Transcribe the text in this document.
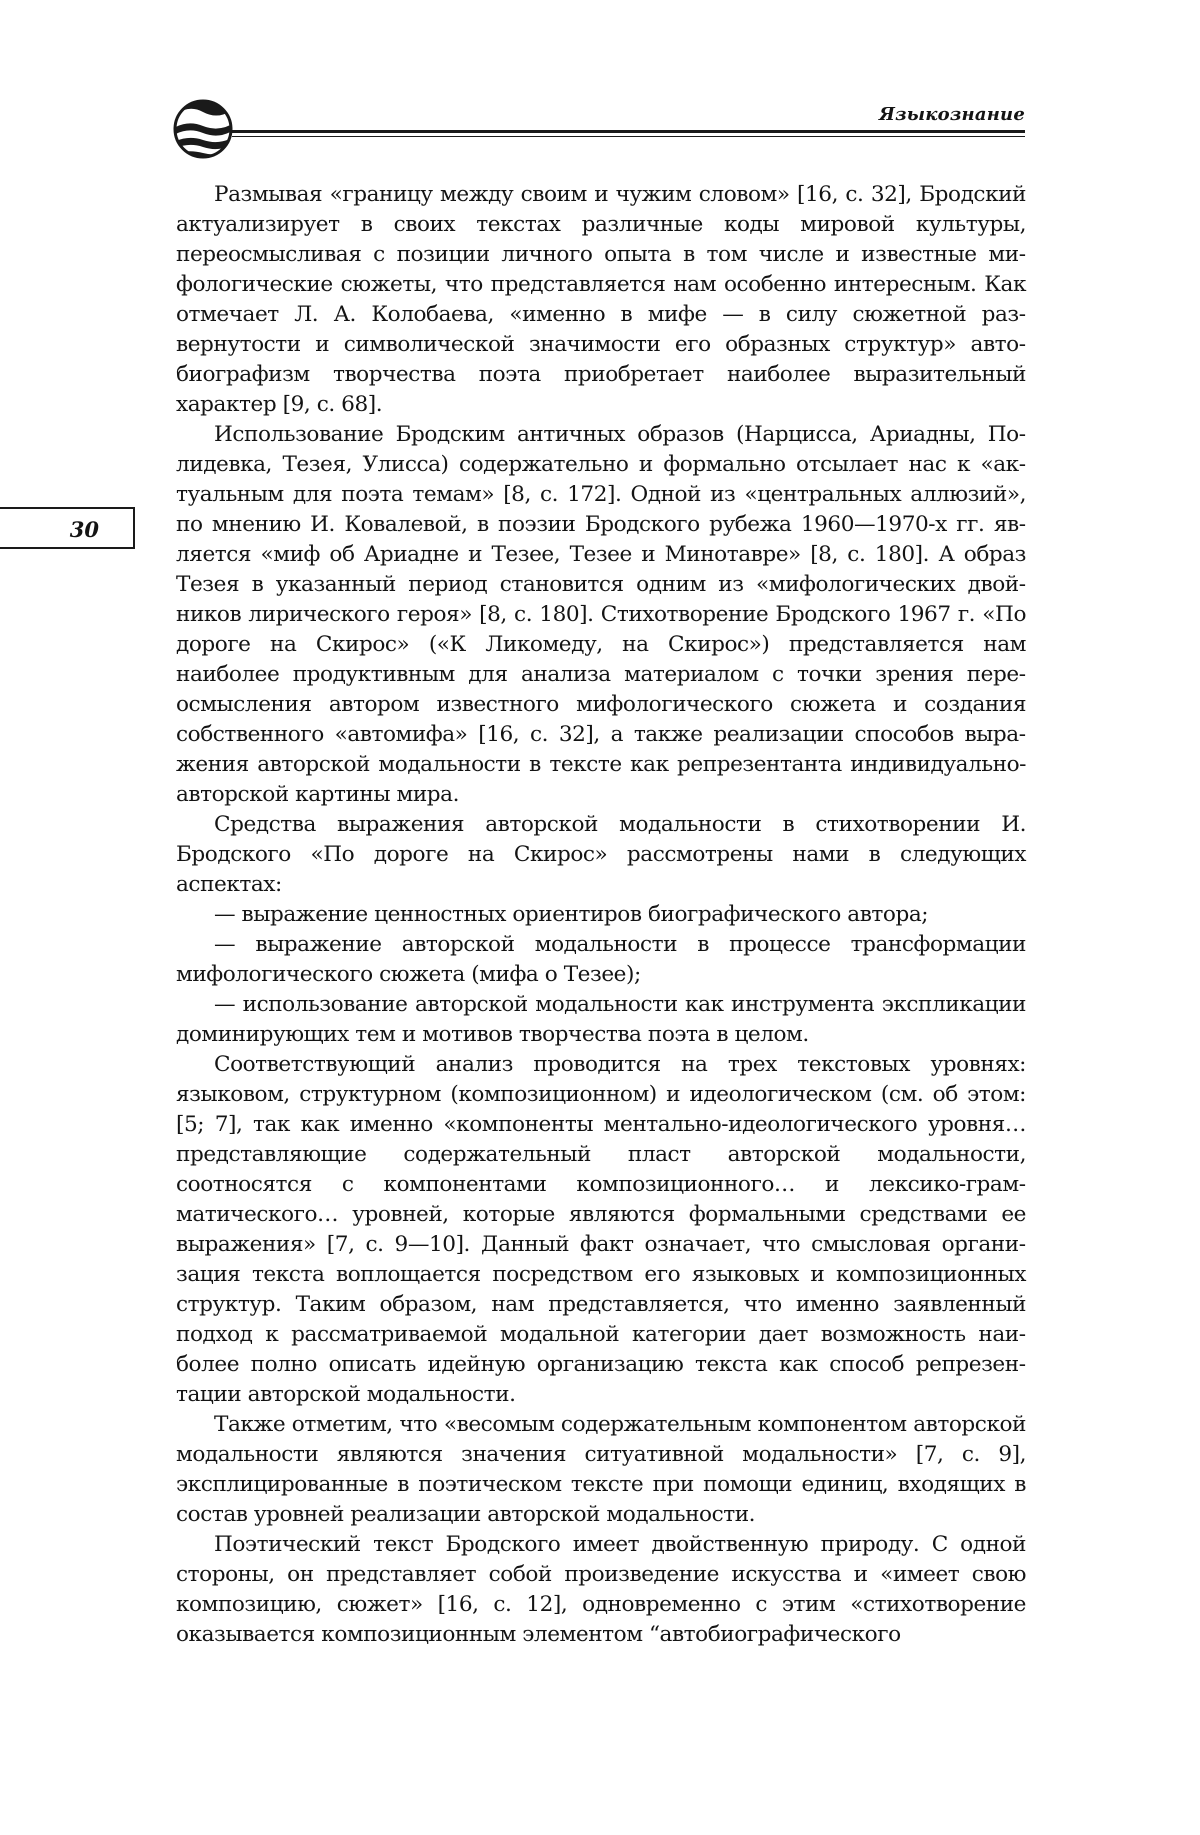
Языкознание
30

Размывая «границу между своим и чужим словом» [16, с. 32], Бродский актуализирует в своих текстах различные коды мировой культуры, переосмысливая с позиции личного опыта в том числе и известные мифологические сюжеты, что представляется нам особенно интересным. Как отмечает Л. А. Колобаева, «именно в мифе — в силу сюжетной развернутости и символической значимости его образных структур» автобиографизм творчества поэта приобретает наиболее выразительный характер [9, с. 68].

Использование Бродским античных образов (Нарцисса, Ариадны, Полидевка, Тезея, Улисса) содержательно и формально отсылает нас к «актуальным для поэта темам» [8, с. 172]. Одной из «центральных аллюзий», по мнению И. Ковалевой, в поэзии Бродского рубежа 1960—1970-х гг. является «миф об Ариадне и Тезее, Тезее и Минотавре» [8, с. 180]. А образ Тезея в указанный период становится одним из «мифологических двойников лирического героя» [8, с. 180]. Стихотворение Бродского 1967 г. «По дороге на Скирос» («К Ликомеду, на Скирос») представляется нам наиболее продуктивным для анализа материалом с точки зрения переосмысления автором известного мифологического сюжета и создания собственного «автомифа» [16, с. 32], а также реализации способов выражения авторской модальности в тексте как репрезентанта индивидуально-авторской картины мира.

Средства выражения авторской модальности в стихотворении И. Бродского «По дороге на Скирос» рассмотрены нами в следующих аспектах:

— выражение ценностных ориентиров биографического автора;

— выражение авторской модальности в процессе трансформации мифологического сюжета (мифа о Тезее);

— использование авторской модальности как инструмента экспликации доминирующих тем и мотивов творчества поэта в целом.

Соответствующий анализ проводится на трех текстовых уровнях: языковом, структурном (композиционном) и идеологическом (см. об этом: [5; 7], так как именно «компоненты ментально-идеологического уровня… представляющие содержательный пласт авторской модальности, соотносятся с компонентами композиционного… и лексико-грамматического… уровней, которые являются формальными средствами ее выражения» [7, с. 9—10]. Данный факт означает, что смысловая организация текста воплощается посредством его языковых и композиционных структур. Таким образом, нам представляется, что именно заявленный подход к рассматриваемой модальной категории дает возможность наиболее полно описать идейную организацию текста как способ репрезентации авторской модальности.

Также отметим, что «весомым содержательным компонентом авторской модальности являются значения ситуативной модальности» [7, с. 9], эксплицированные в поэтическом тексте при помощи единиц, входящих в состав уровней реализации авторской модальности.

Поэтический текст Бродского имеет двойственную природу. С одной стороны, он представляет собой произведение искусства и «имеет свою композицию, сюжет» [16, с. 12], одновременно с этим «стихотворение оказывается композиционным элементом “автобиографического
